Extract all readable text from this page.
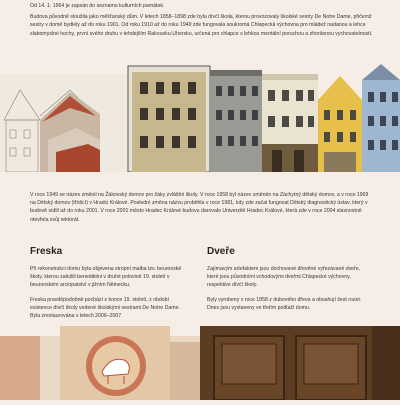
Od 14. 1. 1964 je zapsán do seznamu kulturních památek.

Budova původně sloužila jako měšťanský dům. V letech 1858–1898 zde byla dívčí škola, kterou provozovaly školské sestry De Notre Dame, přičemž sestry v domě bydlely až do roku 1901. Od roku 1910 až do roku 1949 zde fungovala soukromá Chlapecká výchovna pro mládež nadanou a lehce slabomyslné hochy, první svého druhu v tehdejším Rakousku-Uhersku, určená pro chlapce s lehkou mentální poruchou a zhoršenou vychovatelností.

V roce 1949 se název změnil na Žákovský domov pro žáky zvláštní školy. V roce 1958 byl název změněn na Záchytný dětský domov, a v roce 1969 na Dětský domov (třídící) v Hradci Králové. Poslední změna názvu proběhla v roce 1981, kdy zde začal fungovat Dětský diagnostický ústav, který v budově sídlil až do roku 2001. V roce 2001 město Hradec Králové budovu darovalo Univerzitě Hradec Králové, která zde v roce 2004 slavnostně otevřela svůj rektorát.

Freska

Při rekonstrukci domu byla objevena stropní malba tzv. beuronské školy, kterou založili benediktini v druhé polovině 19. století v beuronském arciopatství v jižním Německu.

Freska pravděpodobně pochází z konce 19. století, z období existence dívčí školy vedené školskými sestrami De Notre Dame. Byla zrestaurována v letech 2006–2007.

Dveře

Zajímavým artefaktem jsou dochované dřevěné vyřezávané dveře, které jsou původními vchodovými dveřmi Chlapecké výchovny, respektive dívčí školy.

Byly vyrobeny v roce 1858 z dubového dřeva a obsahují šest rozet. Dnes jsou vystaveny ve třetím podlaží domu.
